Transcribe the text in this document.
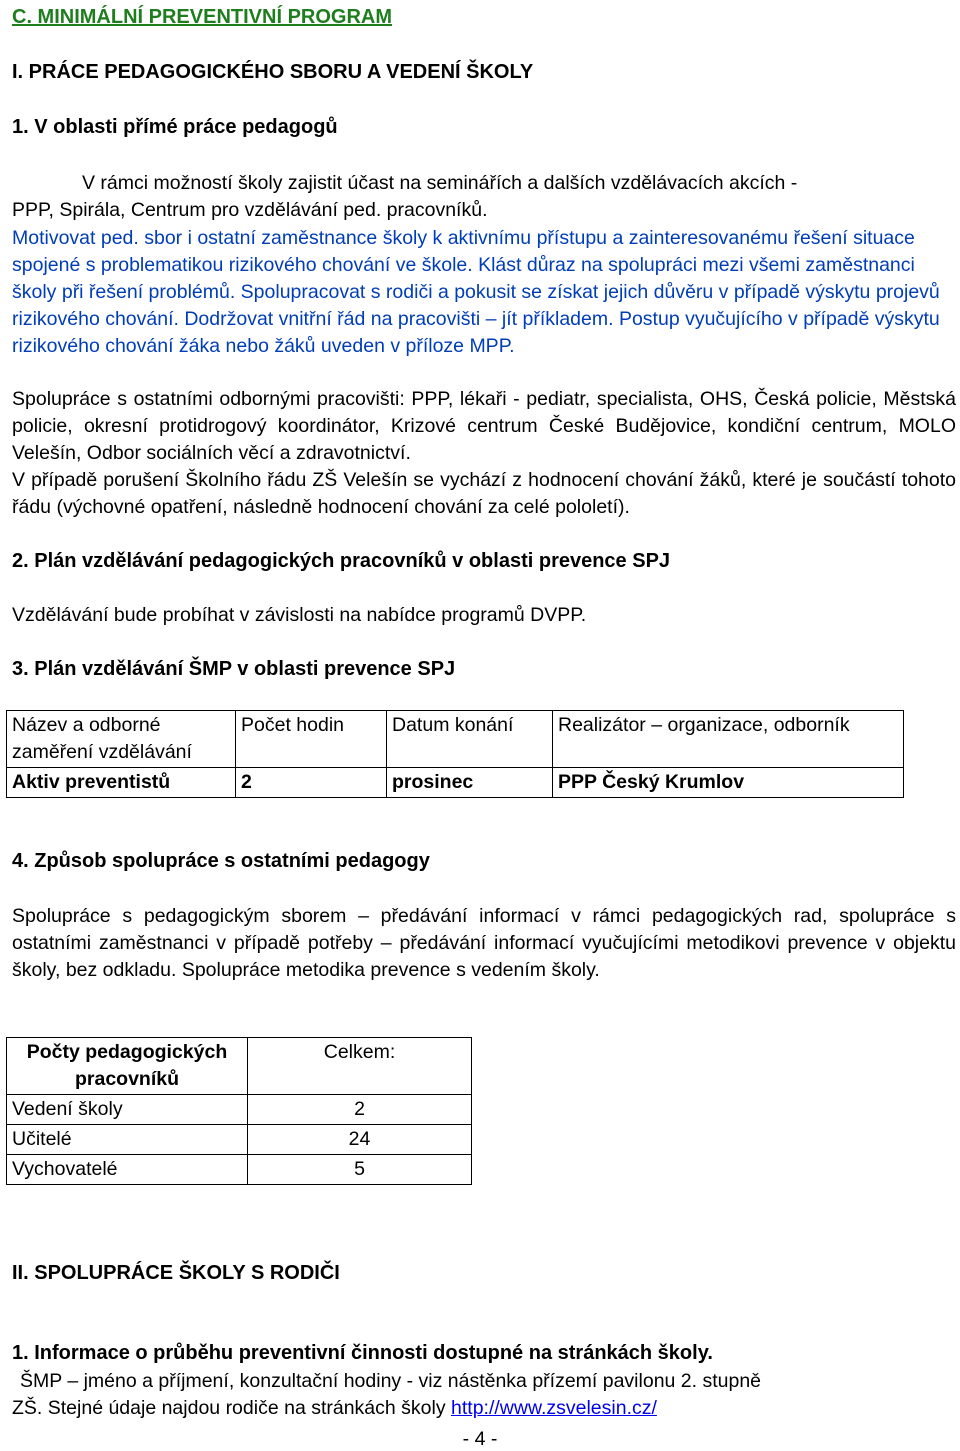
C. MINIMÁLNÍ PREVENTIVNÍ PROGRAM
I. PRÁCE PEDAGOGICKÉHO SBORU A VEDENÍ ŠKOLY
1. V oblasti přímé práce pedagogů
V rámci možností školy zajistit účast na seminářích a dalších vzdělávacích akcích -
PPP, Spirála, Centrum pro vzdělávání ped. pracovníků.
Motivovat ped. sbor i ostatní zaměstnance školy k aktivnímu přístupu a zainteresovanému řešení situace spojené s problematikou rizikového chování ve škole. Klást důraz na spolupráci mezi všemi zaměstnanci školy při řešení problémů. Spolupracovat s rodiči a pokusit se získat jejich důvěru v případě výskytu projevů rizikového chování. Dodržovat vnitřní řád na pracovišti – jít příkladem. Postup vyučujícího v případě výskytu rizikového chování žáka nebo žáků uveden v příloze MPP.
Spolupráce s ostatními odbornými pracovišti: PPP, lékaři - pediatr, specialista, OHS, Česká policie, Městská policie, okresní protidrogový koordinátor, Krizové centrum České Budějovice, kondiční centrum, MOLO Velešín, Odbor sociálních věcí a zdravotnictví.
V případě porušení Školního řádu ZŠ Velešín se vychází z hodnocení chování žáků, které je součástí tohoto řádu (výchovné opatření, následně hodnocení chování za celé pololetí).
2. Plán vzdělávání pedagogických pracovníků v oblasti prevence SPJ
Vzdělávání bude probíhat v závislosti na nabídce programů DVPP.
3. Plán vzdělávání ŠMP v oblasti prevence SPJ
Název a odborné zaměření vzdělávání	Počet hodin	Datum konání	Realizátor – organizace, odborník
Aktiv preventistů	2	prosinec	PPP Český Krumlov
4. Způsob spolupráce s ostatními pedagogy
Spolupráce s pedagogickým sborem – předávání informací v rámci pedagogických rad, spolupráce s ostatními zaměstnanci v případě potřeby – předávání informací vyučujícími metodikovi prevence v objektu školy, bez odkladu. Spolupráce metodika prevence s vedením školy.
Počty pedagogických pracovníků	Celkem:
Vedení školy	2
Učitelé	24
Vychovatelé	5
II. SPOLUPRÁCE ŠKOLY S RODIČI
1. Informace o průběhu preventivní činnosti dostupné na stránkách školy.
ŠMP – jméno a příjmení, konzultační hodiny - viz nástěnka přízemí pavilonu 2. stupně
ZŠ. Stejné údaje najdou rodiče na stránkách školy http://www.zsvelesin.cz/
- 4 -
